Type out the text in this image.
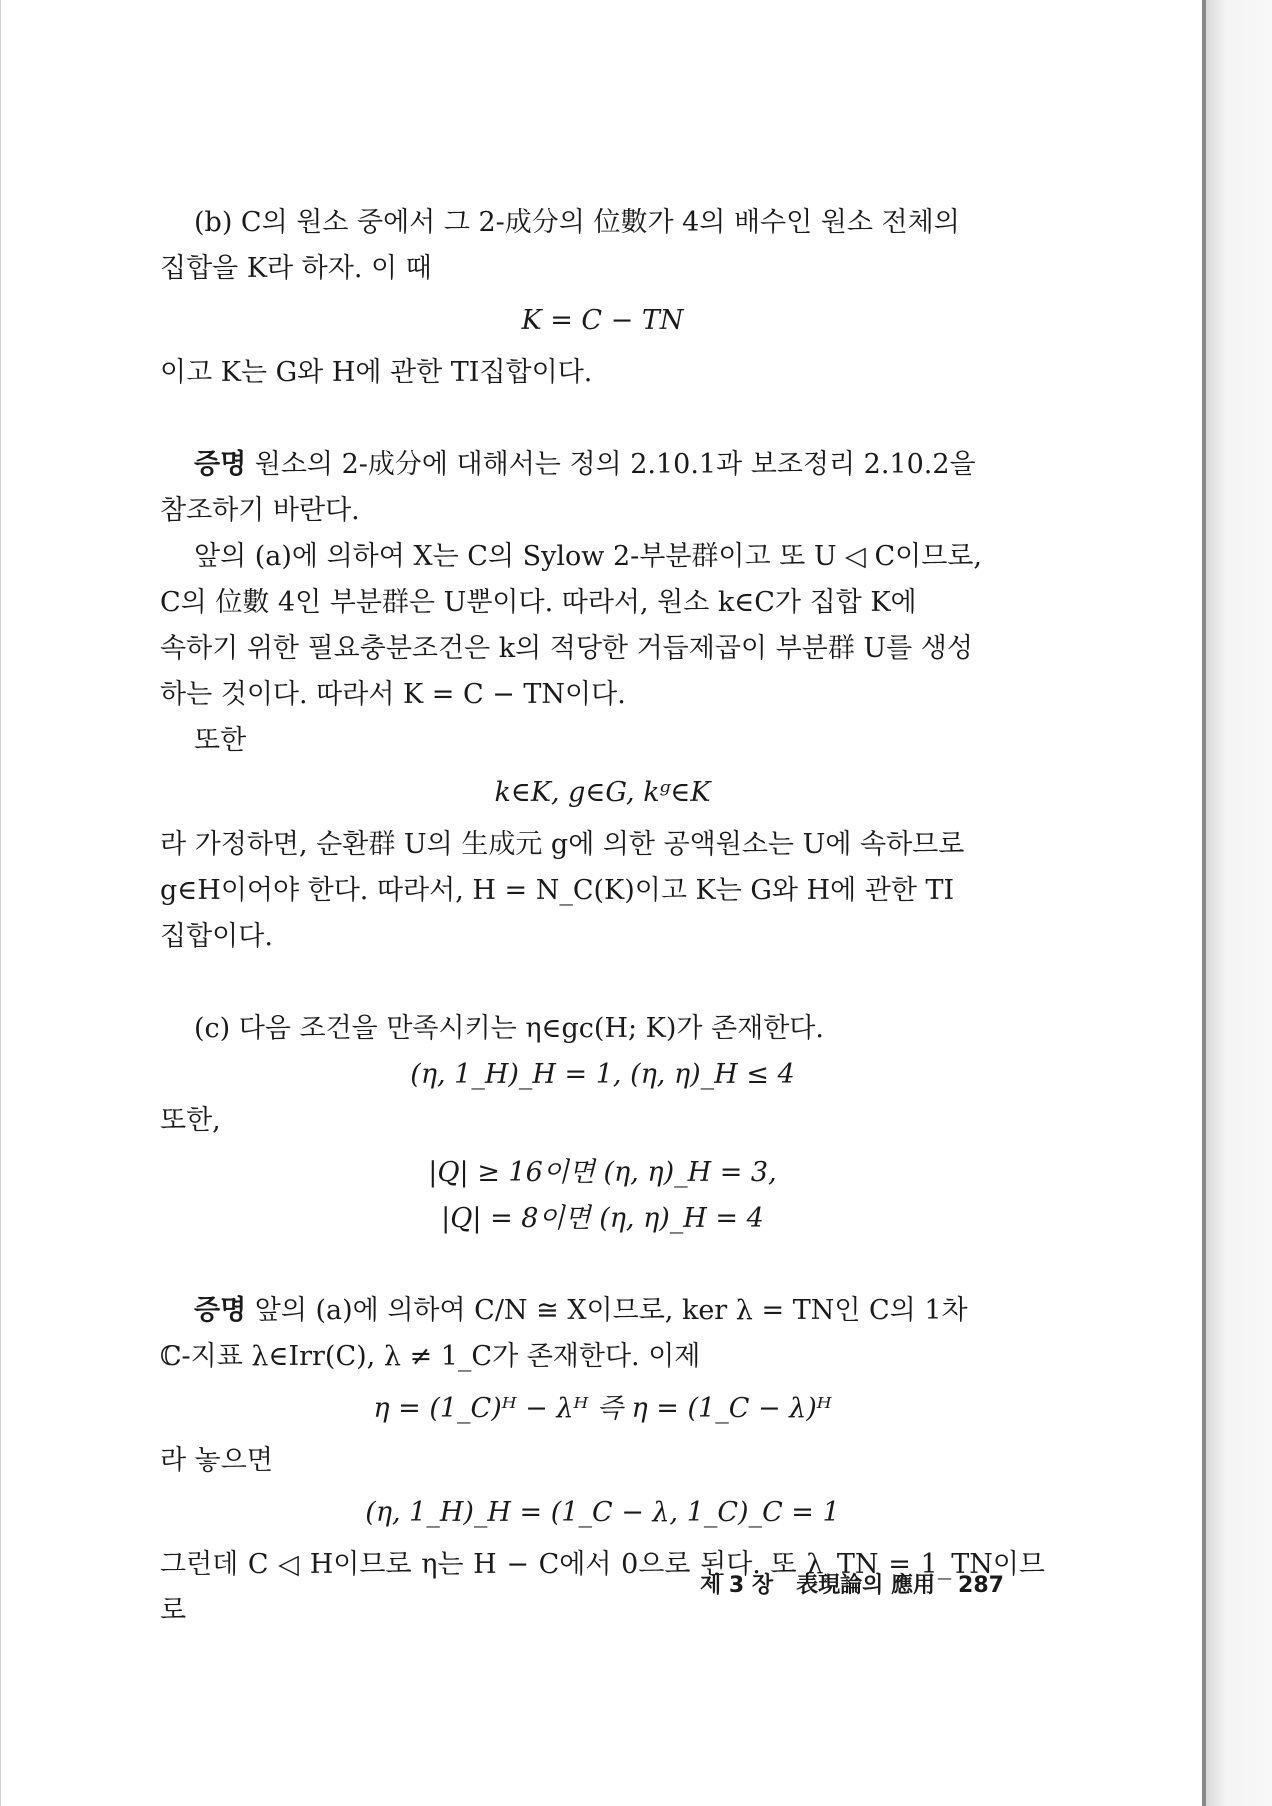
(b) C의 원소 중에서 그 2-成分의 位數가 4의 배수인 원소 전체의

집합을 K라 하자. 이 때

K = C − TN

이고 K는 G와 H에 관한 TI집합이다.

증명 원소의 2-成分에 대해서는 정의 2.10.1과 보조정리 2.10.2을

참조하기 바란다.

앞의 (a)에 의하여 X는 C의 Sylow 2-부분群이고 또 U ◁ C이므로,

C의 位數 4인 부분群은 U뿐이다. 따라서, 원소 k∈C가 집합 K에

속하기 위한 필요충분조건은 k의 적당한 거듭제곱이 부분群 U를 생성

하는 것이다. 따라서 K = C − TN이다.

또한

k∈K, g∈G, kᵍ∈K

라 가정하면, 순환群 U의 生成元 g에 의한 공액원소는 U에 속하므로

g∈H이어야 한다. 따라서, H = N_C(K)이고 K는 G와 H에 관한 TI

집합이다.

(c) 다음 조건을 만족시키는 η∈gc(H; K)가 존재한다.

(η, 1_H)_H = 1, (η, η)_H ≤ 4

또한,

|Q| ≥ 16이면 (η, η)_H = 3,

|Q| = 8이면 (η, η)_H = 4

증명 앞의 (a)에 의하여 C/N ≅ X이므로, ker λ = TN인 C의 1차

ℂ-지표 λ∈Irr(C), λ ≠ 1_C가 존재한다. 이제

η = (1_C)ᴴ − λᴴ 즉 η = (1_C − λ)ᴴ

라 놓으면

(η, 1_H)_H = (1_C − λ, 1_C)_C = 1

그런데 C ◁ H이므로 η는 H − C에서 0으로 된다. 또 λ_TN = 1_TN이므로

제 3 장 表現論의 應用 287
